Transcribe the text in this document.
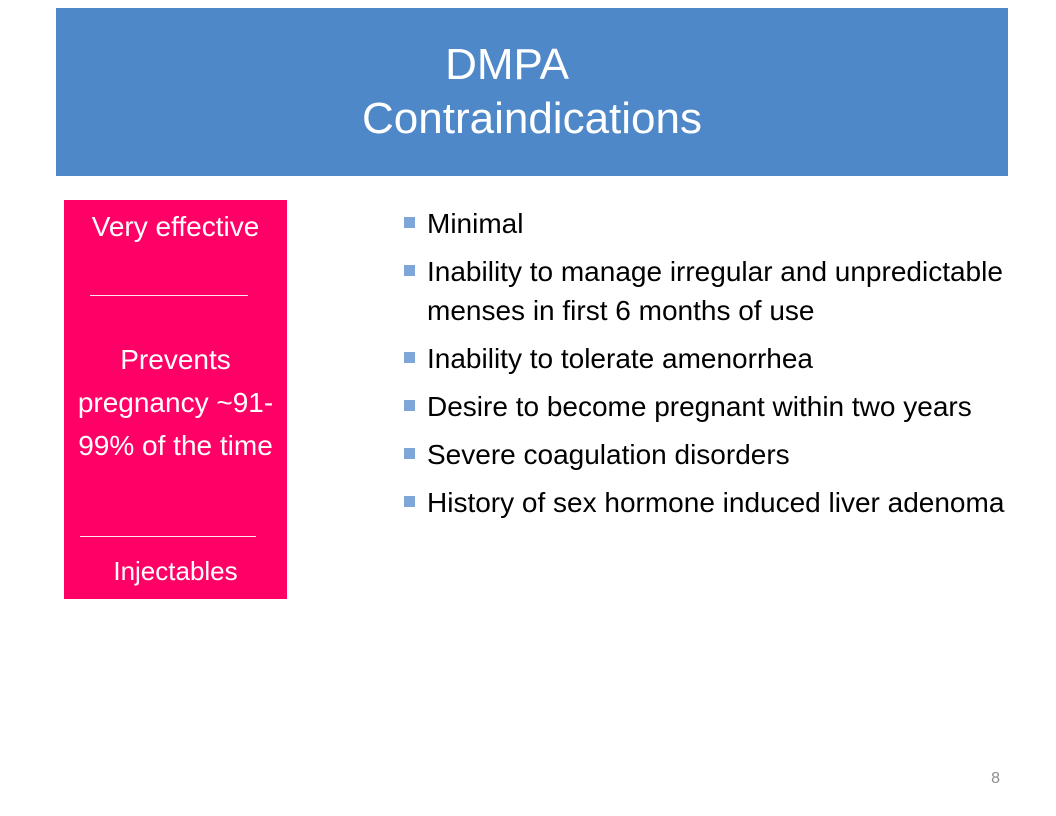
DMPA
Contraindications
Very effective
Prevents pregnancy ~91-99% of the time
Injectables
Minimal
Inability to manage irregular and unpredictable menses in first 6 months of use
Inability to tolerate amenorrhea
Desire to become pregnant within two years
Severe coagulation disorders
History of sex hormone induced liver adenoma
8
